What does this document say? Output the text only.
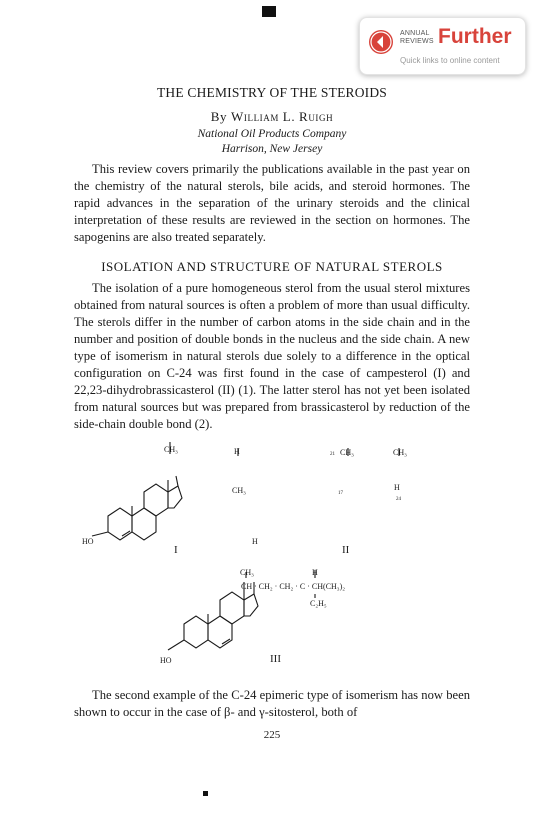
ANNUAL
REVIEWS Further
Quick links to online content
THE CHEMISTRY OF THE STEROIDS
By William L. Ruigh
National Oil Products Company
Harrison, New Jersey
This review covers primarily the publications available in the past year on the chemistry of the natural sterols, bile acids, and steroid hormones. The rapid advances in the separation of the urinary steroids and the clinical interpretation of these results are reviewed in the section on hormones. The sapogenins are also treated separately.
ISOLATION AND STRUCTURE OF NATURAL STEROLS
The isolation of a pure homogeneous sterol from the usual sterol mixtures obtained from natural sources is often a problem of more than usual difficulty. The sterols differ in the number of carbon atoms in the side chain and in the number and position of double bonds in the nucleus and the side chain. A new type of isomerism in natural sterols due solely to a difference in the optical configuration on C-24 was first found in the case of campesterol (I) and 22,23-dihydrobrassicasterol (II) (1). The latter sterol has not yet been isolated from natural sources but was prepared from brassicasterol by reduction of the side-chain double bond (2).
CH₃	H
CH₃
H
21 CH₃
17
CH₃
H
24
HO
CH₃	H
CH · CH₂ · CH₂ · C · CH(CH₃)₂
C₂H₅
HO
I	II
III
The second example of the C-24 epimeric type of isomerism has now been shown to occur in the case of β- and γ-sitosterol, both of
225
